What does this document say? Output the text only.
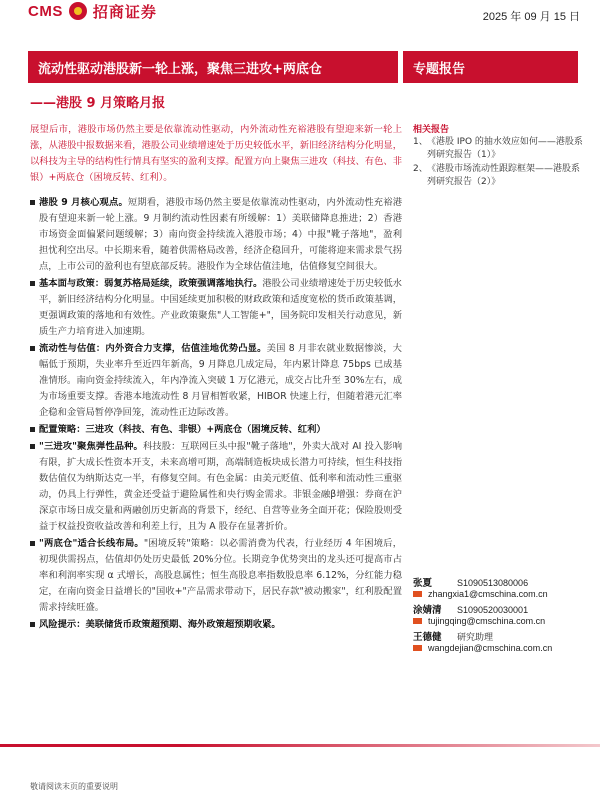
CMS 招商证券	2025 年 09 月 15 日
流动性驱动港股新一轮上涨，聚焦三进攻+两底仓
——港股 9 月策略月报
专题报告
展望后市，港股市场仍然主要是依靠流动性驱动，内外流动性充裕港股有望迎来新一轮上涨，从港股中报数据来看，港股公司业绩增速处于历史较低水平，新旧经济结构分化明显，以科技为主导的结构性行情具有坚实的盈利支撑。配置方向上聚焦三进攻（科技、有色、非银）+两底仓（困境反转、红利）。
港股 9 月核心观点。短期看，港股市场仍然主要是依靠流动性驱动，内外流动性充裕港股有望迎来新一轮上涨。9 月制约流动性因素有所缓解：1）美联储降息推进；2）香港市场资金面偏紧问题缓解；3）南向资金持续流入港股市场；4）中报"靴子落地"，盈利担忧利空出尽。中长期来看，随着供需格局改善，经济企稳回升，可能将迎来需求景气拐点，上市公司的盈利也有望底部反转。港股作为全球估值洼地，估值修复空间很大。
基本面与政策：弱复苏格局延续，政策强调落地执行。港股公司业绩增速处于历史较低水平，新旧经济结构分化明显。中国延续更加积极的财政政策和适度宽松的货币政策基调，更强调政策的落地和有效性。产业政策聚焦"人工智能+"，国务院印发相关行动意见，新质生产力培育进入加速期。
流动性与估值：内外资合力支撑，估值洼地优势凸显。美国 8 月非农就业数据惨淡，大幅低于预期，失业率升至近四年新高，9 月降息几成定局，年内累计降息 75bps 已成基准情形。南向资金持续流入，年内净流入突破 1 万亿港元，成交占比升至 30%左右，成为市场重要支撑。香港本地流动性 8 月冒相暂收紧，HIBOR 快速上行，但随着港元汇率企稳和金管局暂停净回笼，流动性正边际改善。
配置策略：三进攻（科技、有色、非银）+两底仓（困境反转、红利）
"三进攻"聚焦弹性品种。科技股：互联网巨头中报"靴子落地"，外卖大战对 AI 投入影响有限，扩大成长性资本开支，未来高增可期，高端制造板块成长潜力可持续，恒生科技指数估值仅为纳斯达克一半，有修复空间。有色金属：由美元贬值、低利率和流动性三重驱动，仍具上行弹性，黄金还受益于避险属性和央行购金需求。非银金融β增强：券商在沪深京市场日成交量和两融创历史新高的背景下，经纪、自营等业务全面开花；保险股则受益于权益投资收益改善和利差上行，且为 A 股存在显著折价。
"两底仓"适合长线布局。"困境反转"策略：以必需消费为代表，行业经历 4 年困境后，初现供需拐点，估值却仍处历史最低 20%分位。长期竞争优势突出的龙头还可提高市占率和利润率实现 α 式增长，高股息属性；恒生高股息率指数股息率 6.12%，分红能力稳定，在南向资金日益增长的"国收+"产品需求带动下，居民存款"被动搬家"，红利股配置需求持续旺盛。
风险提示：美联储货币政策超预期、海外政策超预期收紧。
相关报告
1、 《港股 IPO 的抽水效应如何——港股系列研究报告（1）》
2、 《港股市场流动性跟踪框架——港股系列研究报告（2）》
张夏	S1090513080006
zhangxia1@cmschina.com.cn
涂婧清	S1090520030001
tujingqing@cmschina.com.cn
王德健	研究助理
wangdejian@cmschina.com.cn
敬请阅读末页的重要说明
